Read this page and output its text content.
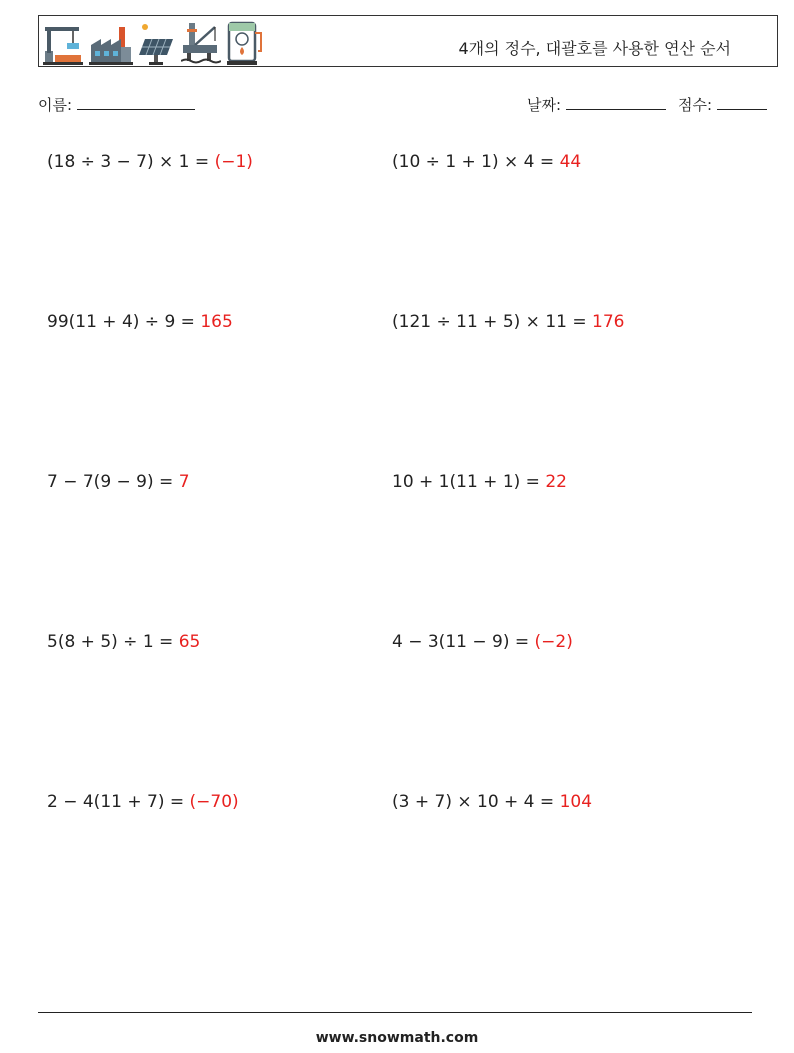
4개의 정수, 대괄호를 사용한 연산 순서
이름:	날짜:	점수:
(18 ÷ 3 − 7) × 1 = (−1)	(10 ÷ 1 + 1) × 4 = 44
99(11 + 4) ÷ 9 = 165	(121 ÷ 11 + 5) × 11 = 176
7 − 7(9 − 9) = 7	10 + 1(11 + 1) = 22
5(8 + 5) ÷ 1 = 65	4 − 3(11 − 9) = (−2)
2 − 4(11 + 7) = (−70)	(3 + 7) × 10 + 4 = 104
www.snowmath.com
